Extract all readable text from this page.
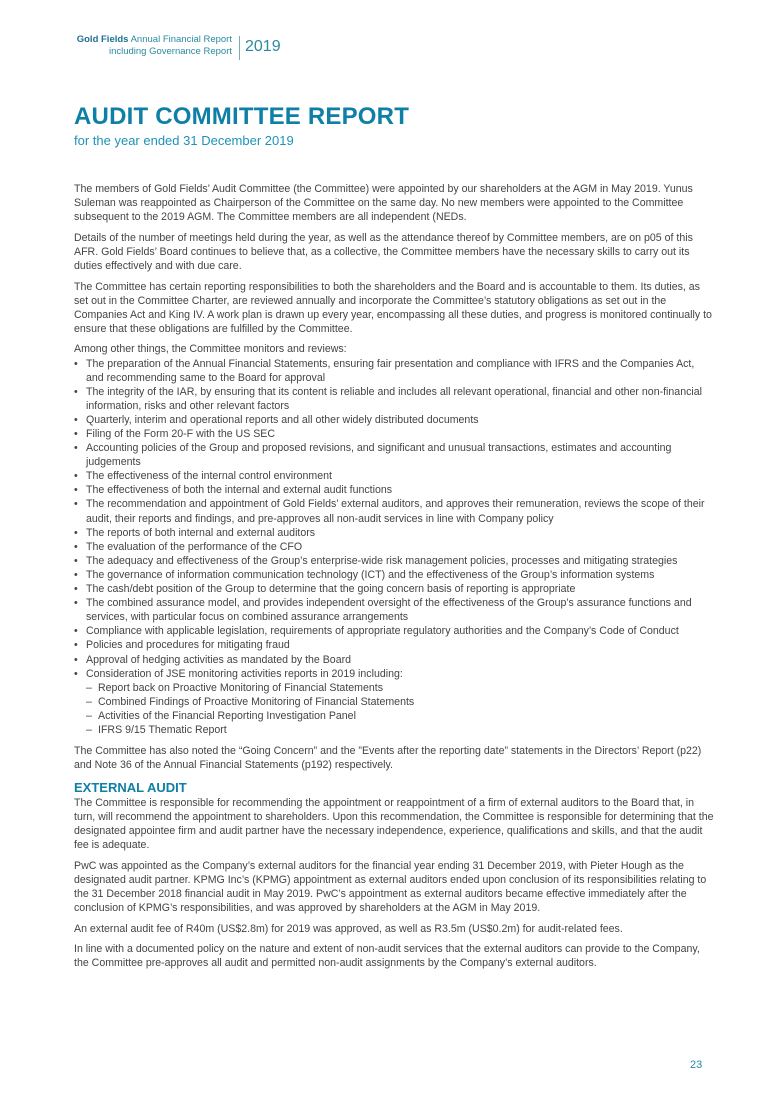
Gold Fields Annual Financial Report
including Governance Report 2019
AUDIT COMMITTEE REPORT
for the year ended 31 December 2019

The members of Gold Fields’ Audit Committee (the Committee) were appointed by our shareholders at the AGM in May 2019. Yunus Suleman was reappointed as Chairperson of the Committee on the same day. No new members were appointed to the Committee subsequent to the 2019 AGM. The Committee members are all independent (NEDs.

Details of the number of meetings held during the year, as well as the attendance thereof by Committee members, are on p05 of this AFR. Gold Fields’ Board continues to believe that, as a collective, the Committee members have the necessary skills to carry out its duties effectively and with due care.

The Committee has certain reporting responsibilities to both the shareholders and the Board and is accountable to them. Its duties, as set out in the Committee Charter, are reviewed annually and incorporate the Committee’s statutory obligations as set out in the Companies Act and King IV. A work plan is drawn up every year, encompassing all these duties, and progress is monitored continually to ensure that these obligations are fulfilled by the Committee.

Among other things, the Committee monitors and reviews:

• The preparation of the Annual Financial Statements, ensuring fair presentation and compliance with IFRS and the Companies Act, and recommending same to the Board for approval
• The integrity of the IAR, by ensuring that its content is reliable and includes all relevant operational, financial and other non-financial information, risks and other relevant factors
• Quarterly, interim and operational reports and all other widely distributed documents
• Filing of the Form 20-F with the US SEC
• Accounting policies of the Group and proposed revisions, and significant and unusual transactions, estimates and accounting judgements
• The effectiveness of the internal control environment
• The effectiveness of both the internal and external audit functions
• The recommendation and appointment of Gold Fields’ external auditors, and approves their remuneration, reviews the scope of their audit, their reports and findings, and pre-approves all non-audit services in line with Company policy
• The reports of both internal and external auditors
• The evaluation of the performance of the CFO
• The adequacy and effectiveness of the Group’s enterprise-wide risk management policies, processes and mitigating strategies
• The governance of information communication technology (ICT) and the effectiveness of the Group’s information systems
• The cash/debt position of the Group to determine that the going concern basis of reporting is appropriate
• The combined assurance model, and provides independent oversight of the effectiveness of the Group’s assurance functions and services, with particular focus on combined assurance arrangements
• Compliance with applicable legislation, requirements of appropriate regulatory authorities and the Company’s Code of Conduct
• Policies and procedures for mitigating fraud
• Approval of hedging activities as mandated by the Board
• Consideration of JSE monitoring activities reports in 2019 including:
– Report back on Proactive Monitoring of Financial Statements
– Combined Findings of Proactive Monitoring of Financial Statements
– Activities of the Financial Reporting Investigation Panel
– IFRS 9/15 Thematic Report

The Committee has also noted the “Going Concern” and the ”Events after the reporting date” statements in the Directors’ Report (p22) and Note 36 of the Annual Financial Statements (p192) respectively.

EXTERNAL AUDIT

The Committee is responsible for recommending the appointment or reappointment of a firm of external auditors to the Board that, in turn, will recommend the appointment to shareholders. Upon this recommendation, the Committee is responsible for determining that the designated appointee firm and audit partner have the necessary independence, experience, qualifications and skills, and that the audit fee is adequate.

PwC was appointed as the Company’s external auditors for the financial year ending 31 December 2019, with Pieter Hough as the designated audit partner. KPMG Inc’s (KPMG) appointment as external auditors ended upon conclusion of its responsibilities relating to the 31 December 2018 financial audit in May 2019. PwC’s appointment as external auditors became effective immediately after the conclusion of KPMG’s responsibilities, and was approved by shareholders at the AGM in May 2019.

An external audit fee of R40m (US$2.8m) for 2019 was approved, as well as R3.5m (US$0.2m) for audit-related fees.

In line with a documented policy on the nature and extent of non-audit services that the external auditors can provide to the Company, the Committee pre-approves all audit and permitted non-audit assignments by the Company’s external auditors.

23
